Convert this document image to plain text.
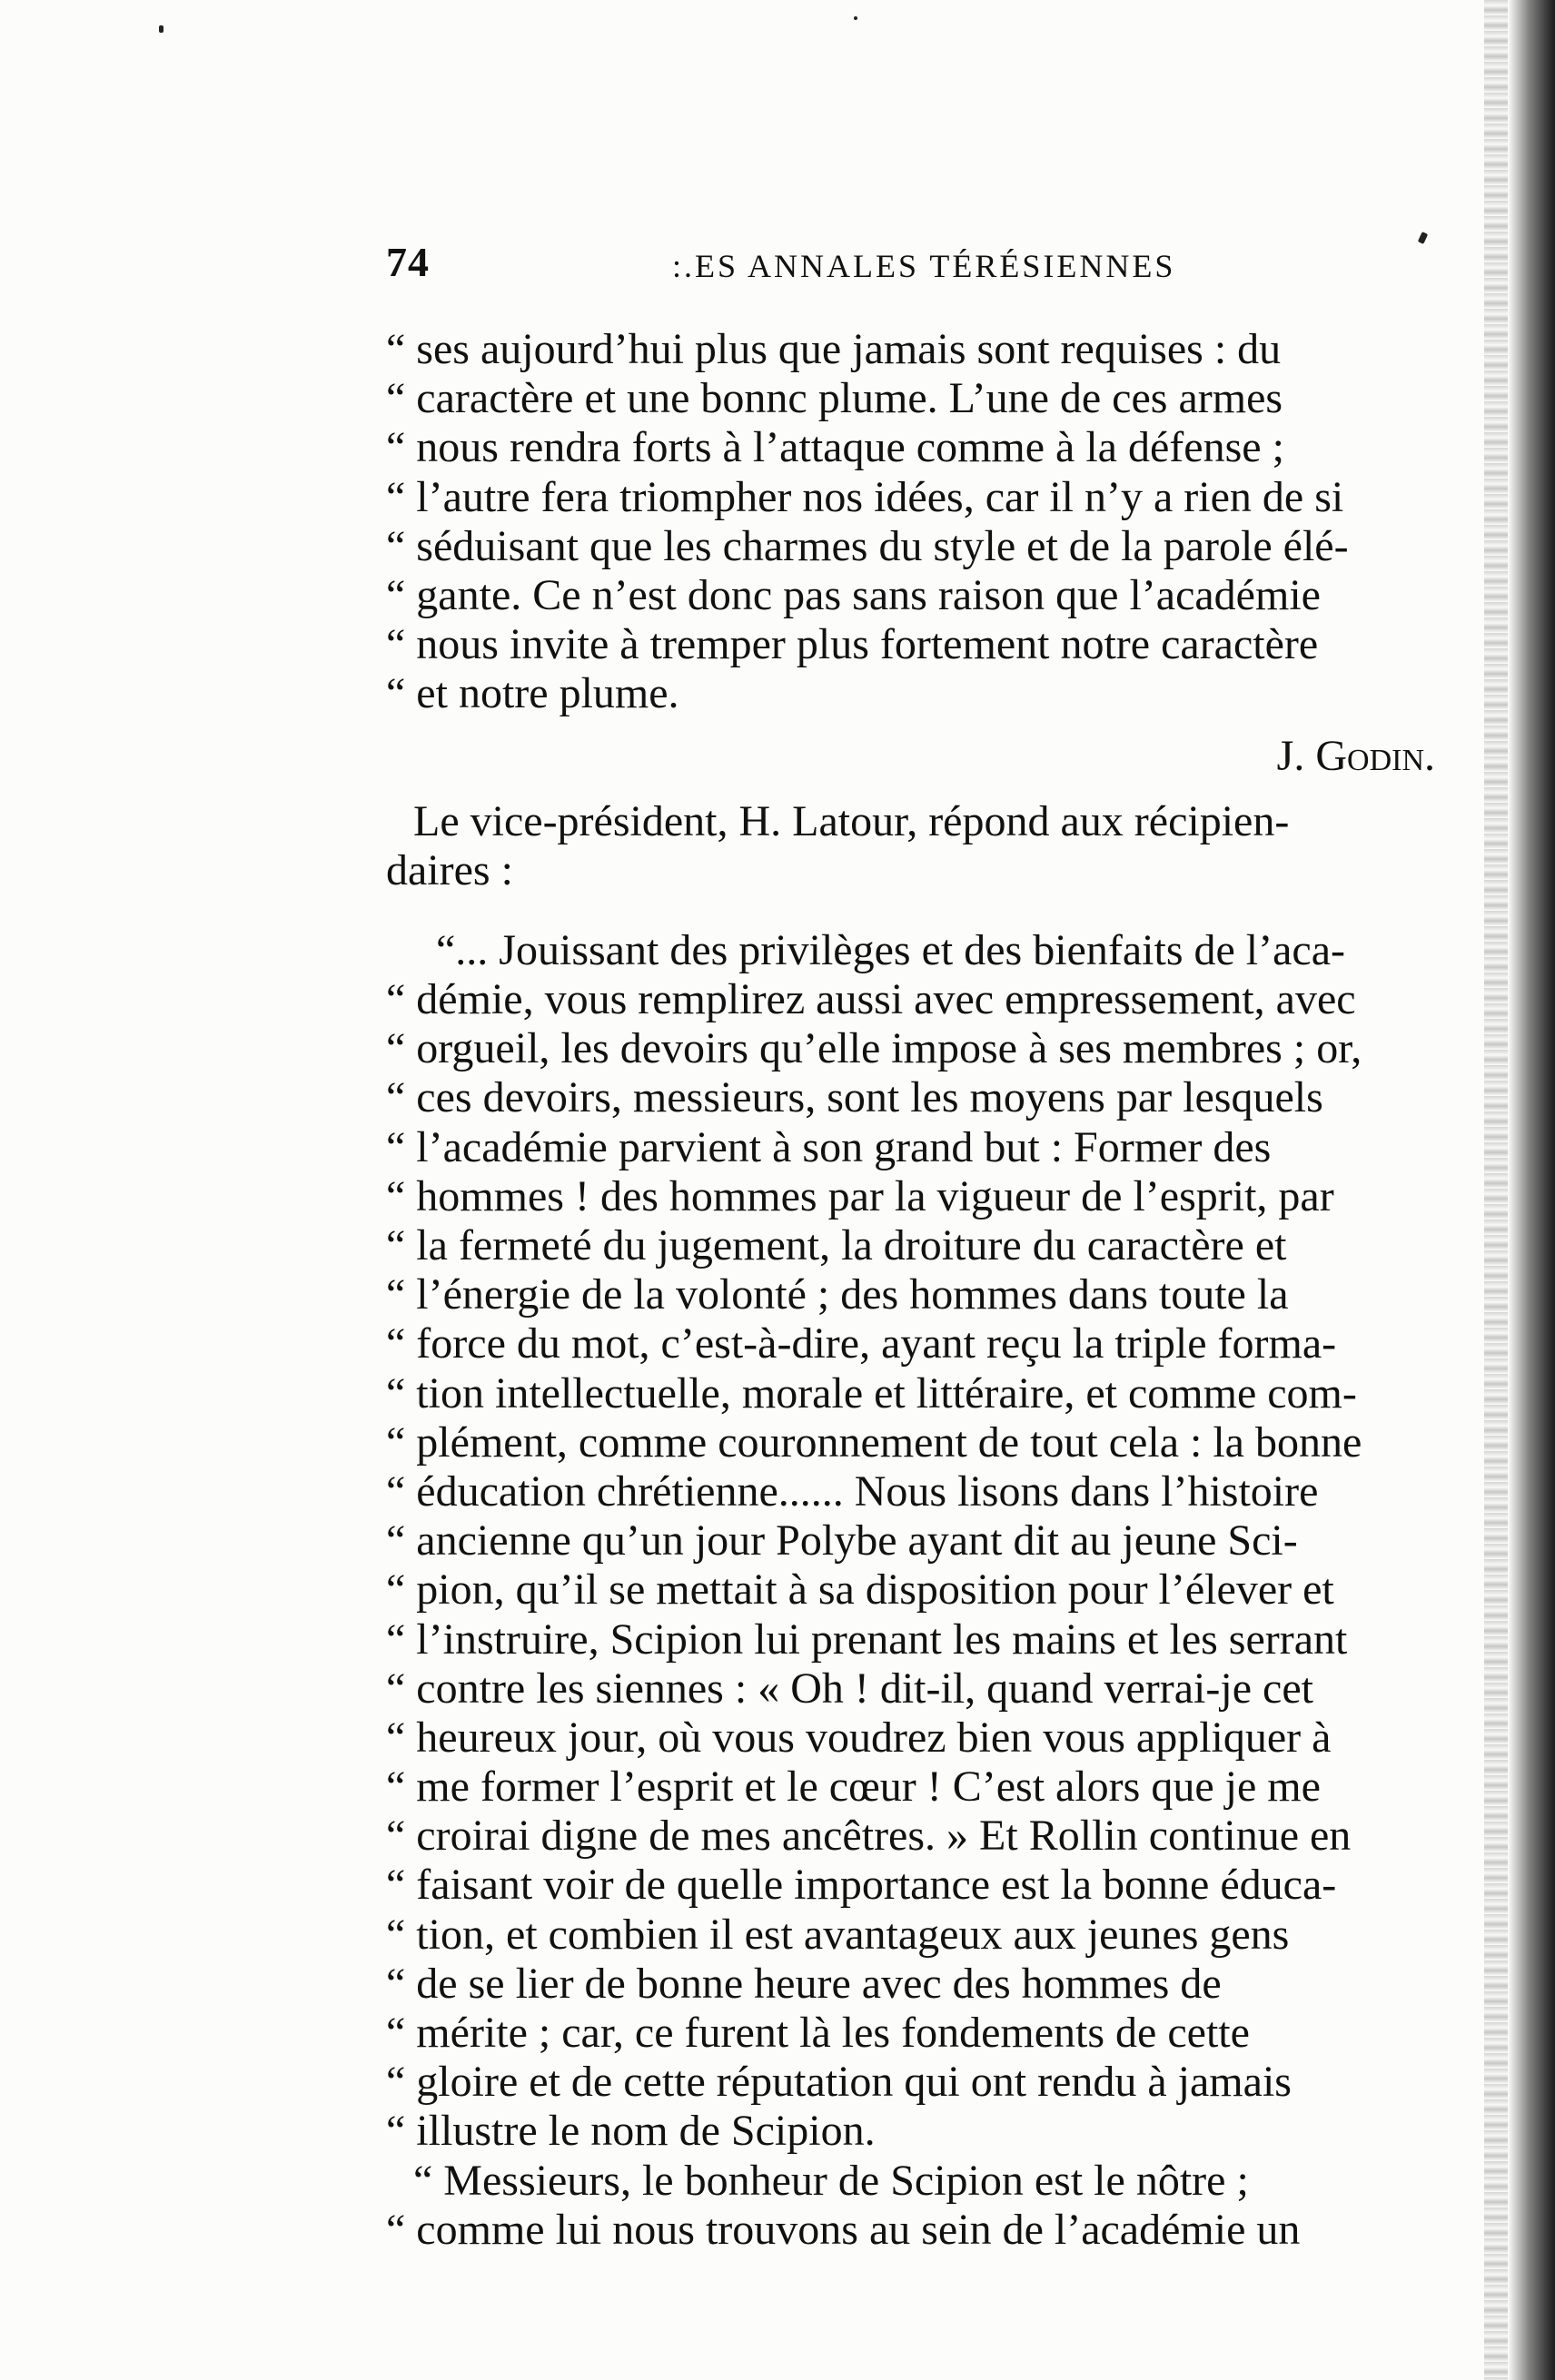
74	:.ES ANNALES TÉRÉSIENNES
“ ses aujourd’hui plus que jamais sont requises : du
“ caractère et une bonnc plume. L’une de ces armes
“ nous rendra forts à l’attaque comme à la défense ;
“ l’autre fera triompher nos idées, car il n’y a rien de si
“ séduisant que les charmes du style et de la parole élé-
“ gante. Ce n’est donc pas sans raison que l’académie
“ nous invite à tremper plus fortement notre caractère
“ et notre plume.
J. Godin.
Le vice-président, H. Latour, répond aux récipien-
daires :
“... Jouissant des privilèges et des bienfaits de l’aca-
“ démie, vous remplirez aussi avec empressement, avec
“ orgueil, les devoirs qu’elle impose à ses membres ; or,
“ ces devoirs, messieurs, sont les moyens par lesquels
“ l’académie parvient à son grand but : Former des
“ hommes ! des hommes par la vigueur de l’esprit, par
“ la fermeté du jugement, la droiture du caractère et
“ l’énergie de la volonté ; des hommes dans toute la
“ force du mot, c’est-à-dire, ayant reçu la triple forma-
“ tion intellectuelle, morale et littéraire, et comme com-
“ plément, comme couronnement de tout cela : la bonne
“ éducation chrétienne...... Nous lisons dans l’histoire
“ ancienne qu’un jour Polybe ayant dit au jeune Sci-
“ pion, qu’il se mettait à sa disposition pour l’élever et
“ l’instruire, Scipion lui prenant les mains et les serrant
“ contre les siennes : « Oh ! dit-il, quand verrai-je cet
“ heureux jour, où vous voudrez bien vous appliquer à
“ me former l’esprit et le cœur ! C’est alors que je me
“ croirai digne de mes ancêtres. » Et Rollin continue en
“ faisant voir de quelle importance est la bonne éduca-
“ tion, et combien il est avantageux aux jeunes gens
“ de se lier de bonne heure avec des hommes de
“ mérite ; car, ce furent là les fondements de cette
“ gloire et de cette réputation qui ont rendu à jamais
“ illustre le nom de Scipion.
“ Messieurs, le bonheur de Scipion est le nôtre ;
“ comme lui nous trouvons au sein de l’académie un
